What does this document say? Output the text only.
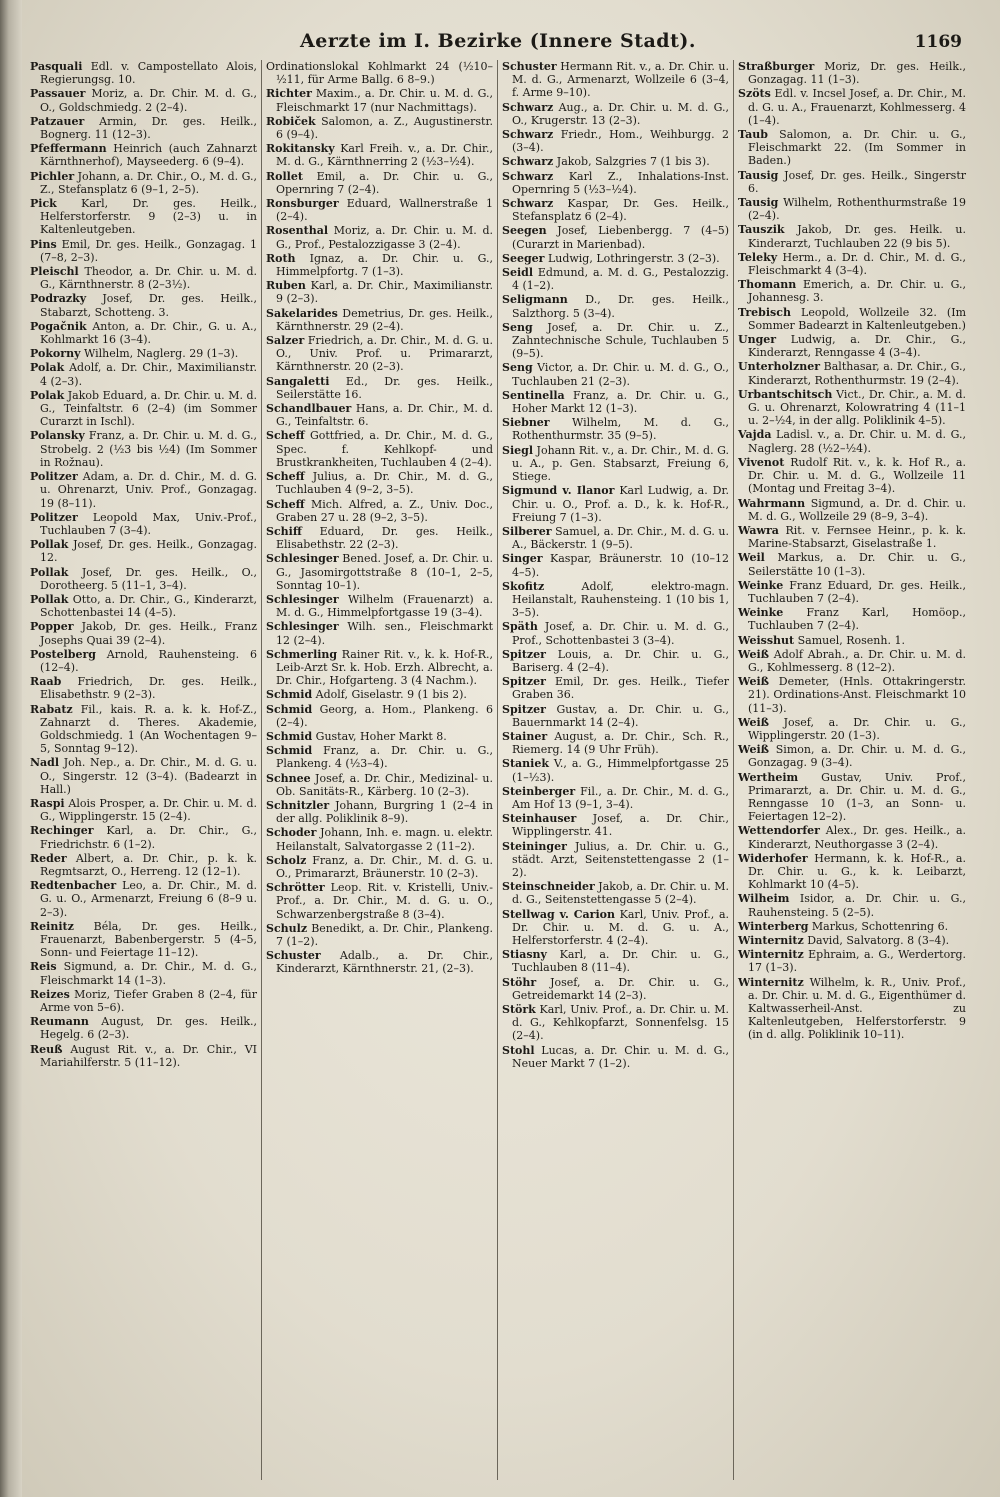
Aerzte im I. Bezirke (Innere Stadt).	1169
Pasquali Edl. v. Campostellato Alois, Regierungsg. 10.
Passauer Moriz, a. Dr. Chir. M. d. G., O., Goldschmiedg. 2 (2–4).
Patzauer Armin, Dr. ges. Heilk., Bognerg. 11 (12–3).
Pfeffermann Heinrich (auch Zahnarzt Kärnthnerhof), Mayseederg. 6 (9–4).
Pichler Johann, a. Dr. Chir., O., M. d. G., Z., Stefansplatz 6 (9–1, 2–5).
Pick Karl, Dr. ges. Heilk., Helferstorferstr. 9 (2–3) u. in Kaltenleutgeben.
Pins Emil, Dr. ges. Heilk., Gonzagag. 1 (7–8, 2–3).
Pleischl Theodor, a. Dr. Chir. u. M. d. G., Kärnthnerstr. 8 (2–3½).
Podrazky Josef, Dr. ges. Heilk., Stabarzt, Schotteng. 3.
Pogačnik Anton, a. Dr. Chir., G. u. A., Kohlmarkt 16 (3–4).
Pokorny Wilhelm, Naglerg. 29 (1–3).
Polak Adolf, a. Dr. Chir., Maximilianstr. 4 (2–3).
Polak Jakob Eduard, a. Dr. Chir. u. M. d. G., Teinfaltstr. 6 (2–4) (im Sommer Curarzt in Ischl).
Polansky Franz, a. Dr. Chir. u. M. d. G., Strobelg. 2 (½3 bis ½4) (Im Sommer in Rožnau).
Politzer Adam, a. Dr. d. Chir., M. d. G. u. Ohrenarzt, Univ. Prof., Gonzagag. 19 (8–11).
Politzer Leopold Max, Univ.-Prof., Tuchlauben 7 (3–4).
Pollak Josef, Dr. ges. Heilk., Gonzagag. 12.
Pollak Josef, Dr. ges. Heilk., O., Dorotheerg. 5 (11–1, 3–4).
Pollak Otto, a. Dr. Chir., G., Kinderarzt, Schottenbastei 14 (4–5).
Popper Jakob, Dr. ges. Heilk., Franz Josephs Quai 39 (2–4).
Postelberg Arnold, Rauhensteing. 6 (12–4).
Raab Friedrich, Dr. ges. Heilk., Elisabethstr. 9 (2–3).
Rabatz Fil., kais. R. a. k. k. Hof-Z., Zahnarzt d. Theres. Akademie, Goldschmiedg. 1 (An Wochentagen 9–5, Sonntag 9–12).
Nadl Joh. Nep., a. Dr. Chir., M. d. G. u. O., Singerstr. 12 (3–4). (Badearzt in Hall.)
Raspi Alois Prosper, a. Dr. Chir. u. M. d. G., Wipplingerstr. 15 (2–4).
Rechinger Karl, a. Dr. Chir., G., Friedrichstr. 6 (1–2).
Reder Albert, a. Dr. Chir., p. k. k. Regmtsarzt, O., Herreng. 12 (12–1).
Redtenbacher Leo, a. Dr. Chir., M. d. G. u. O., Armenarzt, Freiung 6 (8–9 u. 2–3).
Reinitz Béla, Dr. ges. Heilk., Frauenarzt, Babenbergerstr. 5 (4–5, Sonn- und Feiertage 11–12).
Reis Sigmund, a. Dr. Chir., M. d. G., Fleischmarkt 14 (1–3).
Reizes Moriz, Tiefer Graben 8 (2–4, für Arme von 5–6).
Reumann August, Dr. ges. Heilk., Hegelg. 6 (2–3).
Reuß August Rit. v., a. Dr. Chir., VI Mariahilferstr. 5 (11–12).
Ordinationslokal Kohlmarkt 24 (½10–½11, für Arme Ballg. 6 8–9.)
Richter Maxim., a. Dr. Chir. u. M. d. G., Fleischmarkt 17 (nur Nachmittags).
Robiček Salomon, a. Z., Augustinerstr. 6 (9–4).
Rokitansky Karl Freih. v., a. Dr. Chir., M. d. G., Kärnthnerring 2 (½3–½4).
Rollet Emil, a. Dr. Chir. u. G., Opernring 7 (2–4).
Ronsburger Eduard, Wallnerstraße 1 (2–4).
Rosenthal Moriz, a. Dr. Chir. u. M. d. G., Prof., Pestalozzigasse 3 (2–4).
Roth Ignaz, a. Dr. Chir. u. G., Himmelpfortg. 7 (1–3).
Ruben Karl, a. Dr. Chir., Maximilianstr. 9 (2–3).
Sakelarides Demetrius, Dr. ges. Heilk., Kärnthnerstr. 29 (2–4).
Salzer Friedrich, a. Dr. Chir., M. d. G. u. O., Univ. Prof. u. Primararzt, Kärnthnerstr. 20 (2–3).
Sangaletti Ed., Dr. ges. Heilk., Seilerstätte 16.
Schandlbauer Hans, a. Dr. Chir., M. d. G., Teinfaltstr. 6.
Scheff Gottfried, a. Dr. Chir., M. d. G., Spec. f. Kehlkopf- und Brustkrankheiten, Tuchlauben 4 (2–4).
Scheff Julius, a. Dr. Chir., M. d. G., Tuchlauben 4 (9–2, 3–5).
Scheff Mich. Alfred, a. Z., Univ. Doc., Graben 27 u. 28 (9–2, 3–5).
Schiff Eduard, Dr. ges. Heilk., Elisabethstr. 22 (2–3).
Schlesinger Bened. Josef, a. Dr. Chir. u. G., Jasomirgottstraße 8 (10–1, 2–5, Sonntag 10–1).
Schlesinger Wilhelm (Frauenarzt) a. M. d. G., Himmelpfortgasse 19 (3–4).
Schlesinger Wilh. sen., Fleischmarkt 12 (2–4).
Schmerling Rainer Rit. v., k. k. Hof-R., Leib-Arzt Sr. k. Hob. Erzh. Albrecht, a. Dr. Chir., Hofgarteng. 3 (4 Nachm.).
Schmid Adolf, Giselastr. 9 (1 bis 2).
Schmid Georg, a. Hom., Plankeng. 6 (2–4).
Schmid Gustav, Hoher Markt 8.
Schmid Franz, a. Dr. Chir. u. G., Plankeng. 4 (½3–4).
Schnee Josef, a. Dr. Chir., Medizinal- u. Ob. Sanitäts-R., Kärberg. 10 (2–3).
Schnitzler Johann, Burgring 1 (2–4 in der allg. Poliklinik 8–9).
Schoder Johann, Inh. e. magn. u. elektr. Heilanstalt, Salvatorgasse 2 (11–2).
Scholz Franz, a. Dr. Chir., M. d. G. u. O., Primararzt, Bräunerstr. 10 (2–3).
Schrötter Leop. Rit. v. Kristelli, Univ.-Prof., a. Dr. Chir., M. d. G. u. O., Schwarzenbergstraße 8 (3–4).
Schulz Benedikt, a. Dr. Chir., Plankeng. 7 (1–2).
Schuster Adalb., a. Dr. Chir., Kinderarzt, Kärnthnerstr. 21, (2–3).
Schuster Hermann Rit. v., a. Dr. Chir. u. M. d. G., Armenarzt, Wollzeile 6 (3–4, f. Arme 9–10).
Schwarz Aug., a. Dr. Chir. u. M. d. G., O., Krugerstr. 13 (2–3).
Schwarz Friedr., Hom., Weihburgg. 2 (3–4).
Schwarz Jakob, Salzgries 7 (1 bis 3).
Schwarz Karl Z., Inhalations-Inst. Opernring 5 (½3–½4).
Schwarz Kaspar, Dr. Ges. Heilk., Stefansplatz 6 (2–4).
Seegen Josef, Liebenbergg. 7 (4–5) (Curarzt in Marienbad).
Seeger Ludwig, Lothringerstr. 3 (2–3).
Seidl Edmund, a. M. d. G., Pestalozzig. 4 (1–2).
Seligmann D., Dr. ges. Heilk., Salzthorg. 5 (3–4).
Seng Josef, a. Dr. Chir. u. Z., Zahntechnische Schule, Tuchlauben 5 (9–5).
Seng Victor, a. Dr. Chir. u. M. d. G., O., Tuchlauben 21 (2–3).
Sentinella Franz, a. Dr. Chir. u. G., Hoher Markt 12 (1–3).
Siebner Wilhelm, M. d. G., Rothenthurmstr. 35 (9–5).
Siegl Johann Rit. v., a. Dr. Chir., M. d. G. u. A., p. Gen. Stabsarzt, Freiung 6, Stiege.
Sigmund v. Ilanor Karl Ludwig, a. Dr. Chir. u. O., Prof. a. D., k. k. Hof-R., Freiung 7 (1–3).
Silberer Samuel, a. Dr. Chir., M. d. G. u. A., Bäckerstr. 1 (9–5).
Singer Kaspar, Bräunerstr. 10 (10–12 4–5).
Skofitz	Adolf, elektro-magn. Heilanstalt, Rauhensteing. 1 (10 bis 1, 3–5).
Späth Josef, a. Dr. Chir. u. M. d. G., Prof., Schottenbastei 3 (3–4).
Spitzer Louis, a. Dr. Chir. u. G., Bariserg. 4 (2–4).
Spitzer Emil, Dr. ges. Heilk., Tiefer Graben 36.
Spitzer Gustav, a. Dr. Chir. u. G., Bauernmarkt 14 (2–4).
Stainer August, a. Dr. Chir., Sch. R., Riemerg. 14 (9 Uhr Früh).
Staniek V., a. G., Himmelpfortgasse 25 (1–½3).
Steinberger Fil., a. Dr. Chir., M. d. G., Am Hof 13 (9–1, 3–4).
Steinhauser Josef, a. Dr. Chir., Wipplingerstr. 41.
Steininger Julius, a. Dr. Chir. u. G., städt. Arzt, Seitenstettengasse 2 (1–2).
Steinschneider Jakob, a. Dr. Chir. u. M. d. G., Seitenstettengasse 5 (2–4).
Stellwag v. Carion Karl, Univ. Prof., a. Dr. Chir. u. M. d. G. u. A., Helferstorferstr. 4 (2–4).
Stiasny Karl, a. Dr. Chir. u. G., Tuchlauben 8 (11–4).
Stöhr Josef, a. Dr. Chir. u. G., Getreidemarkt 14 (2–3).
Störk Karl, Univ. Prof., a. Dr. Chir. u. M. d. G., Kehlkopfarzt, Sonnenfelsg. 15 (2–4).
Stohl Lucas, a. Dr. Chir. u. M. d. G., Neuer Markt 7 (1–2).
Straßburger Moriz, Dr. ges. Heilk., Gonzagag. 11 (1–3).
Szöts Edl. v. Incsel Josef, a. Dr. Chir., M. d. G. u. A., Frauenarzt, Kohlmesserg. 4 (1–4).
Taub Salomon, a. Dr. Chir. u. G., Fleischmarkt 22. (Im Sommer in Baden.)
Tausig Josef, Dr. ges. Heilk., Singerstr 6.
Tausig Wilhelm, Rothenthurmstraße 19 (2–4).
Tauszik Jakob, Dr. ges. Heilk. u. Kinderarzt, Tuchlauben 22 (9 bis 5).
Teleky Herm., a. Dr. d. Chir., M. d. G., Fleischmarkt 4 (3–4).
Thomann Emerich, a. Dr. Chir. u. G., Johannesg. 3.
Trebisch Leopold, Wollzeile 32. (Im Sommer Badearzt in Kaltenleutgeben.)
Unger Ludwig, a. Dr. Chir., G., Kinderarzt, Renngasse 4 (3–4).
Unterholzner Balthasar, a. Dr. Chir., G., Kinderarzt, Rothenthurmstr. 19 (2–4).
Urbantschitsch Vict., Dr. Chir., a. M. d. G. u. Ohrenarzt, Kolowratring 4 (11–1 u. 2–½4, in der allg. Poliklinik 4–5).
Vajda Ladisl. v., a. Dr. Chir. u. M. d. G., Naglerg. 28 (½2–½4).
Vivenot Rudolf Rit. v., k. k. Hof R., a. Dr. Chir. u. M. d. G., Wollzeile 11 (Montag und Freitag 3–4).
Wahrmann Sigmund, a. Dr. d. Chir. u. M. d. G., Wollzeile 29 (8–9, 3–4).
Wawra Rit. v. Fernsee Heinr., p. k. k. Marine-Stabsarzt, Giselastraße 1.
Weil Markus, a. Dr. Chir. u. G., Seilerstätte 10 (1–3).
Weinke Franz Eduard, Dr. ges. Heilk., Tuchlauben 7 (2–4).
Weinke Franz Karl, Homöop., Tuchlauben 7 (2–4).
Weisshut Samuel, Rosenh. 1.
Weiß Adolf Abrah., a. Dr. Chir. u. M. d. G., Kohlmesserg. 8 (12–2).
Weiß Demeter, (Hnls. Ottakringerstr. 21). Ordinations-Anst. Fleischmarkt 10 (11–3).
Weiß Josef, a. Dr. Chir. u. G., Wipplingerstr. 20 (1–3).
Weiß Simon, a. Dr. Chir. u. M. d. G., Gonzagag. 9 (3–4).
Wertheim Gustav, Univ. Prof., Primararzt, a. Dr. Chir. u. M. d. G., Renngasse 10 (1–3, an Sonn- u. Feiertagen 12–2).
Wettendorfer Alex., Dr. ges. Heilk., a. Kinderarzt, Neuthorgasse 3 (2–4).
Widerhofer Hermann, k. k. Hof-R., a. Dr. Chir. u. G., k. k. Leibarzt, Kohlmarkt 10 (4–5).
Wilheim Isidor, a. Dr. Chir. u. G., Rauhensteing. 5 (2–5).
Winterberg Markus, Schottenring 6.
Winternitz David, Salvatorg. 8 (3–4).
Winternitz Ephraim, a. G., Werdertorg. 17 (1–3).
Winternitz Wilhelm, k. R., Univ. Prof., a. Dr. Chir. u. M. d. G., Eigenthümer d. Kaltwasserheil-Anst. zu Kaltenleutgeben, Helferstorferstr. 9 (in d. allg. Poliklinik 10–11).
